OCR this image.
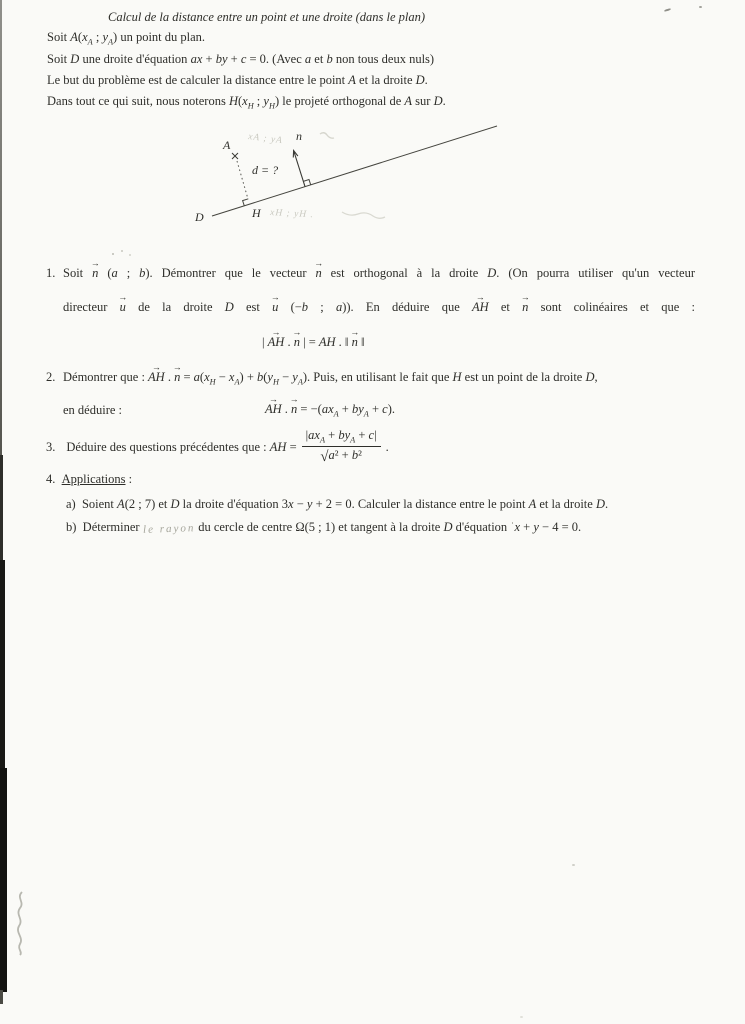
Calcul de la distance entre un point et une droite (dans le plan)
Soit $A(x_A$ ; $y_A$) un point du plan.
Soit D une droite d'équation ax + by + c = 0. (Avec a et b non tous deux nuls)
Le but du problème est de calculer la distance entre le point A et la droite D.
Dans tout ce qui suit, nous noterons $H(x_H$ ; $y_H$) le projeté orthogonal de A sur D.
D
A
d = ?
H
n⃗
xA ; yA
xH ; yH .
1. Soit
→
n (a ; b). Démontrer que le vecteur
→
n est orthogonal à la droite D. (On pourra utiliser qu'un vecteur
directeur
→
u de la droite D est
→
u (−b ; a)). En déduire que
→
AH et
→
n sont colinéaires et que :
|
→
AH .
→
n | = AH . ‖
→
n ‖
2. Démontrer que :
→
AH .
→
$n = a(x_H - x_A) + b(y_H - y_A)$. Puis, en utilisant le fait que H est un point de la droite D,
en déduire :
→
AH .
→
$n = -(ax_A + by_A + c)$.
3. Déduire des questions précédentes que : AH = $\frac{|ax_A + by_A + c|}{\text{√a² + b²}}$ .
4. Applications :
a)  Soient A(2 ; 7) et D la droite d'équation 3x − y + 2 = 0. Calculer la distance entre le point A et la droite D.
b)  Déterminer le rayon du cercle de centre Ω(5 ; 1) et tangent à la droite D d'équation ˈx + y − 4 = 0.
